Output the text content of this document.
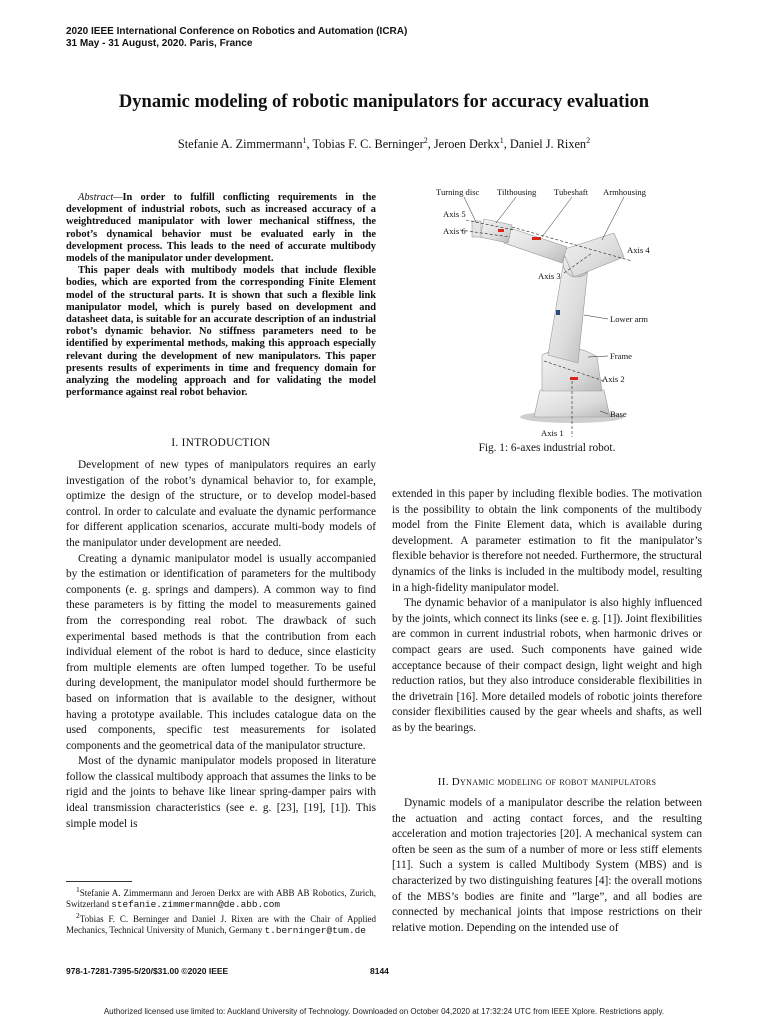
2020 IEEE International Conference on Robotics and Automation (ICRA)
31 May - 31 August, 2020. Paris, France
Dynamic modeling of robotic manipulators for accuracy evaluation
Stefanie A. Zimmermann$^1$, Tobias F. C. Berninger$^2$, Jeroen Derkx$^1$, Daniel J. Rixen$^2$

Abstract—In order to fulfill conflicting requirements in the development of industrial robots, such as increased accuracy of a weightreduced manipulator with lower mechanical stiffness, the robot’s dynamical behavior must be evaluated early in the development process. This leads to the need of accurate multibody models of the manipulator under development.

This paper deals with multibody models that include flexible bodies, which are exported from the corresponding Finite Element model of the structural parts. It is shown that such a flexible link manipulator model, which is purely based on development and datasheet data, is suitable for an accurate description of an industrial robot’s dynamic behavior. No stiffness parameters need to be identified by experimental methods, making this approach especially relevant during the development of new manipulators. This paper presents results of experiments in time and frequency domain for analyzing the modeling approach and for validating the model performance against real robot behavior.

I. INTRODUCTION

Development of new types of manipulators requires an early investigation of the robot’s dynamical behavior to, for example, optimize the design of the structure, or to develop model-based control. In order to calculate and evaluate the dynamic performance for different application scenarios, accurate multi-body models of the manipulator under development are needed.

Creating a dynamic manipulator model is usually accompanied by the estimation or identification of parameters for the multibody components (e. g. springs and dampers). A common way to find these parameters is by fitting the model to measurements gained from the corresponding real robot. The drawback of such experimental based methods is that the contribution from each individual element of the robot is hard to deduce, since elasticity from multiple elements are often lumped together. To be useful during development, the manipulator model should furthermore be based on information that is available to the designer, without having a prototype available. This includes catalogue data on the used components, specific test measurements for isolated components and the geometrical data of the manipulator structure.

Most of the dynamic manipulator models proposed in literature follow the classical multibody approach that assumes the links to be rigid and the joints to behave like linear spring-damper pairs with ideal transmission characteristics (see e. g. [23], [19], [1]). This simple model is

$^1$Stefanie A. Zimmermann and Jeroen Derkx are with ABB AB Robotics, Zurich, Switzerland stefanie.zimmermann@de.abb.com

$^2$Tobias F. C. Berninger and Daniel J. Rixen are with the Chair of Applied Mechanics, Technical University of Munich, Germany t.berninger@tum.de

Turning disc Tilthousing Tubeshaft Armhousing
Axis 5
Axis 6
Axis 4
Axis 3
Lower arm
Frame
Axis 2
Base
Axis 1
Fig. 1: 6-axes industrial robot.

extended in this paper by including flexible bodies. The motivation is the possibility to obtain the link components of the multibody model from the Finite Element data, which is available during development. A parameter estimation to fit the manipulator’s flexible behavior is therefore not needed. Furthermore, the structural dynamics of the links is included in the multibody model, resulting in a high-fidelity manipulator model.

The dynamic behavior of a manipulator is also highly influenced by the joints, which connect its links (see e. g. [1]). Joint flexibilities are common in current industrial robots, when harmonic drives or compact gears are used. Such components have gained wide acceptance because of their compact design, light weight and high reduction ratios, but they also introduce considerable flexibilities in the drivetrain [16]. More detailed models of robotic joints therefore consider flexibilities caused by the gear wheels and shafts, as well as by the bearings.

II. Dynamic modeling of robot manipulators

Dynamic models of a manipulator describe the relation between the actuation and acting contact forces, and the resulting acceleration and motion trajectories [20]. A mechanical system can often be seen as the sum of a number of more or less stiff elements [11]. Such a system is called Multibody System (MBS) and is characterized by two distinguishing features [4]: the overall motions of the MBS’s bodies are finite and ”large”, and all bodies are connected by mechanical joints that impose restrictions on their relative motion. Depending on the intended use of

978-1-7281-7395-5/20/$31.00 ©2020 IEEE	8144
Authorized licensed use limited to: Auckland University of Technology. Downloaded on October 04,2020 at 17:32:24 UTC from IEEE Xplore. Restrictions apply.
